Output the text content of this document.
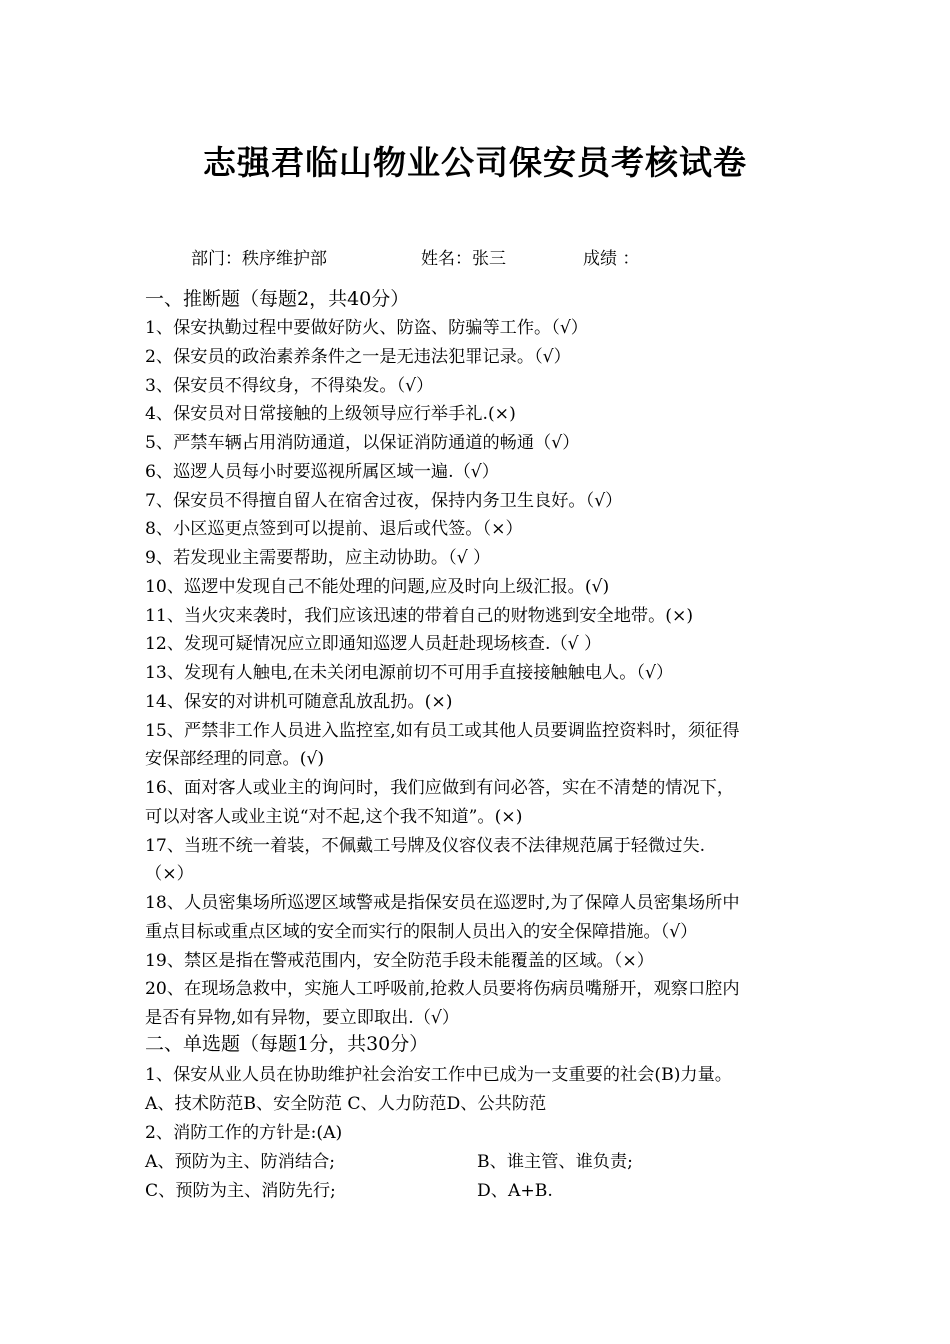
志强君临山物业公司保安员考核试卷
部门：秩序维护部	姓名：张三	成绩 ：
一、推断题（每题2，共40分）
1、保安执勤过程中要做好防火、防盗、防骗等工作。（√）
2、保安员的政治素养条件之一是无违法犯罪记录。（√）
3、保安员不得纹身，不得染发。（√）
4、保安员对日常接触的上级领导应行举手礼.(×)
5、严禁车辆占用消防通道，以保证消防通道的畅通（√）
6、巡逻人员每小时要巡视所属区域一遍.（√）
7、保安员不得擅自留人在宿舍过夜，保持内务卫生良好。（√）
8、小区巡更点签到可以提前、退后或代签。（×）
9、若发现业主需要帮助，应主动协助。（√ ）
10、巡逻中发现自己不能处理的问题,应及时向上级汇报。(√)
11、当火灾来袭时，我们应该迅速的带着自己的财物逃到安全地带。(×)
12、发现可疑情况应立即通知巡逻人员赶赴现场核查.（√ ）
13、发现有人触电,在未关闭电源前切不可用手直接接触触电人。（√）
14、保安的对讲机可随意乱放乱扔。(×)
15、严禁非工作人员进入监控室,如有员工或其他人员要调监控资料时，须征得
安保部经理的同意。(√)
16、面对客人或业主的询问时，我们应做到有问必答，实在不清楚的情况下，
可以对客人或业主说“对不起,这个我不知道”。(×)
17、当班不统一着装，不佩戴工号牌及仪容仪表不法律规范属于轻微过失.
（×）
18、人员密集场所巡逻区域警戒是指保安员在巡逻时,为了保障人员密集场所中
重点目标或重点区域的安全而实行的限制人员出入的安全保障措施。（√）
19、禁区是指在警戒范围内，安全防范手段未能覆盖的区域。（×）
20、在现场急救中，实施人工呼吸前,抢救人员要将伤病员嘴掰开，观察口腔内
是否有异物,如有异物，要立即取出.（√）
二、单选题（每题1分，共30分）
1、保安从业人员在协助维护社会治安工作中已成为一支重要的社会(B)力量。
A、技术防范B、安全防范 C、人力防范D、公共防范
2、消防工作的方针是:(A)
A、预防为主、防消结合;	B、谁主管、谁负责;
C、预防为主、消防先行;	D、A+B.
